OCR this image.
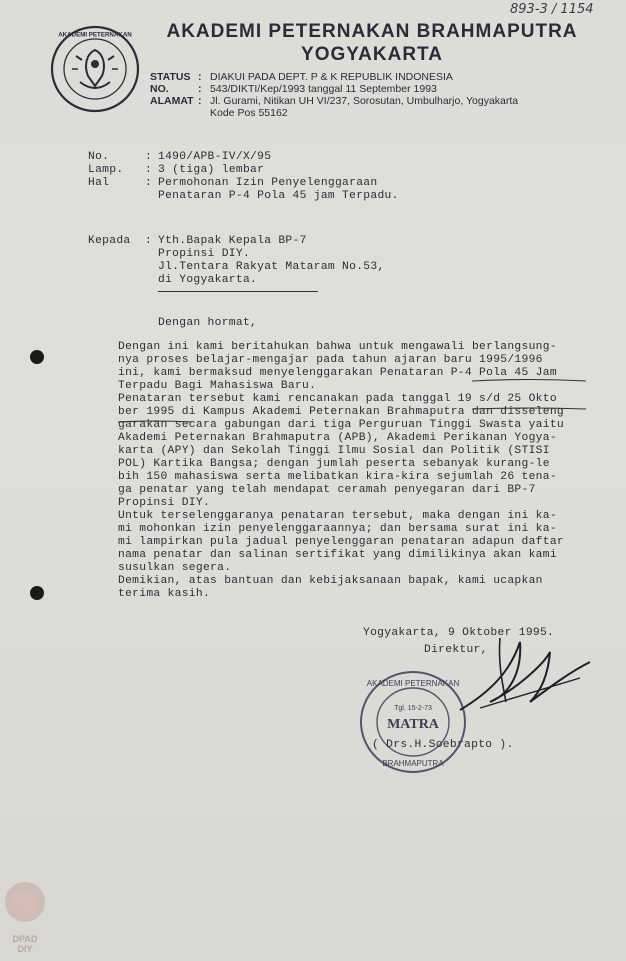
893-3 / 1154
AKADEMI PETERNAKAN	AKADEMI PETERNAKAN BRAHMAPUTRA
YOGYAKARTA
STATUS : DIAKUI PADA DEPT. P & K REPUBLIK INDONESIA
NO.	: 543/DIKTI/Kep/1993 tanggal 11 September 1993
ALAMAT : Jl. Gurami, Nitikan UH VI/237, Sorosutan, Umbulharjo, Yogyakarta
Kode Pos 55162
No.	: 1490/APB-IV/X/95
Lamp. : 3 (tiga) lembar
Hal	: Permohonan Izin Penyelenggaraan
Penataran P-4 Pola 45 jam Terpadu.
Kepada : Yth.Bapak Kepala BP-7
Propinsi DIY.
Jl.Tentara Rakyat Mataram No.53,
di Yogyakarta.
Dengan hormat,
Dengan ini kami beritahukan bahwa untuk mengawali berlangsung-
nya proses belajar-mengajar pada tahun ajaran baru 1995/1996
ini, kami bermaksud menyelenggarakan Penataran P-4 Pola 45 Jam
Terpadu Bagi Mahasiswa Baru.
Penataran tersebut kami rencanakan pada tanggal 19 s/d 25 Okto
ber 1995 di Kampus Akademi Peternakan Brahmaputra dan disseleng
garakan secara gabungan dari tiga Perguruan Tinggi Swasta yaitu
Akademi Peternakan Brahmaputra (APB), Akademi Perikanan Yogya-
karta (APY) dan Sekolah Tinggi Ilmu Sosial dan Politik (STISI
POL) Kartika Bangsa; dengan jumlah peserta sebanyak kurang-le
bih 150 mahasiswa serta melibatkan kira-kira sejumlah 26 tena-
ga penatar yang telah mendapat ceramah penyegaran dari BP-7
Propinsi DIY.
Untuk terselenggaranya penataran tersebut, maka dengan ini ka-
mi mohonkan izin penyelenggaraannya; dan bersama surat ini ka-
mi lampirkan pula jadual penyelenggaran penataran adapun daftar
nama penatar dan salinan sertifikat yang dimilikinya akan kami
susulkan segera.
Demikian, atas bantuan dan kebijaksanaan bapak, kami ucapkan
terima kasih.
Yogyakarta, 9 Oktober 1995.
Direktur,
( Drs.H.Soebrapto ).
AKADEMI PETERNAKAN
Tgl. 15-2-73
MATRA
BRAHMAPUTRA
DPAD
DIY
